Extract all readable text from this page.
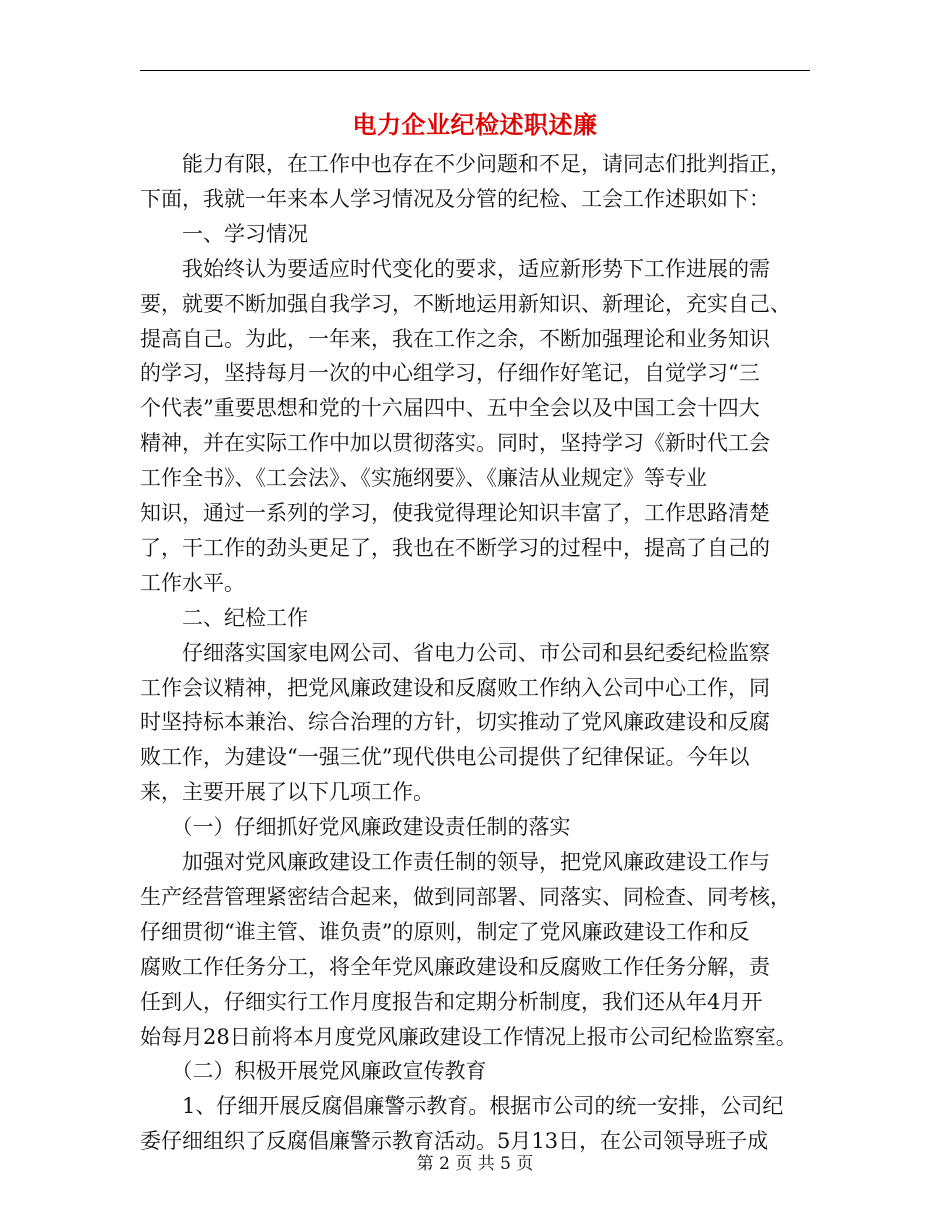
电力企业纪检述职述廉
　　能力有限，在工作中也存在不少问题和不足，请同志们批判指正，
下面，我就一年来本人学习情况及分管的纪检、工会工作述职如下：
　　一、学习情况
　　我始终认为要适应时代变化的要求，适应新形势下工作进展的需
要，就要不断加强自我学习，不断地运用新知识、新理论，充实自己、
提高自己。为此，一年来，我在工作之余，不断加强理论和业务知识
的学习，坚持每月一次的中心组学习，仔细作好笔记，自觉学习“三
个代表”重要思想和党的十六届四中、五中全会以及中国工会十四大
精神，并在实际工作中加以贯彻落实。同时，坚持学习《新时代工会
工作全书》、《工会法》、《实施纲要》、《廉洁从业规定》等专业
知识，通过一系列的学习，使我觉得理论知识丰富了，工作思路清楚
了，干工作的劲头更足了，我也在不断学习的过程中，提高了自己的
工作水平。
　　二、纪检工作
　　仔细落实国家电网公司、省电力公司、市公司和县纪委纪检监察
工作会议精神，把党风廉政建设和反腐败工作纳入公司中心工作，同
时坚持标本兼治、综合治理的方针，切实推动了党风廉政建设和反腐
败工作，为建设“一强三优”现代供电公司提供了纪律保证。今年以
来，主要开展了以下几项工作。
　　（一）仔细抓好党风廉政建设责任制的落实
　　加强对党风廉政建设工作责任制的领导，把党风廉政建设工作与
生产经营管理紧密结合起来，做到同部署、同落实、同检查、同考核，
仔细贯彻“谁主管、谁负责”的原则，制定了党风廉政建设工作和反
腐败工作任务分工，将全年党风廉政建设和反腐败工作任务分解，责
任到人，仔细实行工作月度报告和定期分析制度，我们还从年4月开
始每月28日前将本月度党风廉政建设工作情况上报市公司纪检监察室。
　　（二）积极开展党风廉政宣传教育
　　1、仔细开展反腐倡廉警示教育。根据市公司的统一安排，公司纪
委仔细组织了反腐倡廉警示教育活动。5月13日，在公司领导班子成
第 2 页 共 5 页
